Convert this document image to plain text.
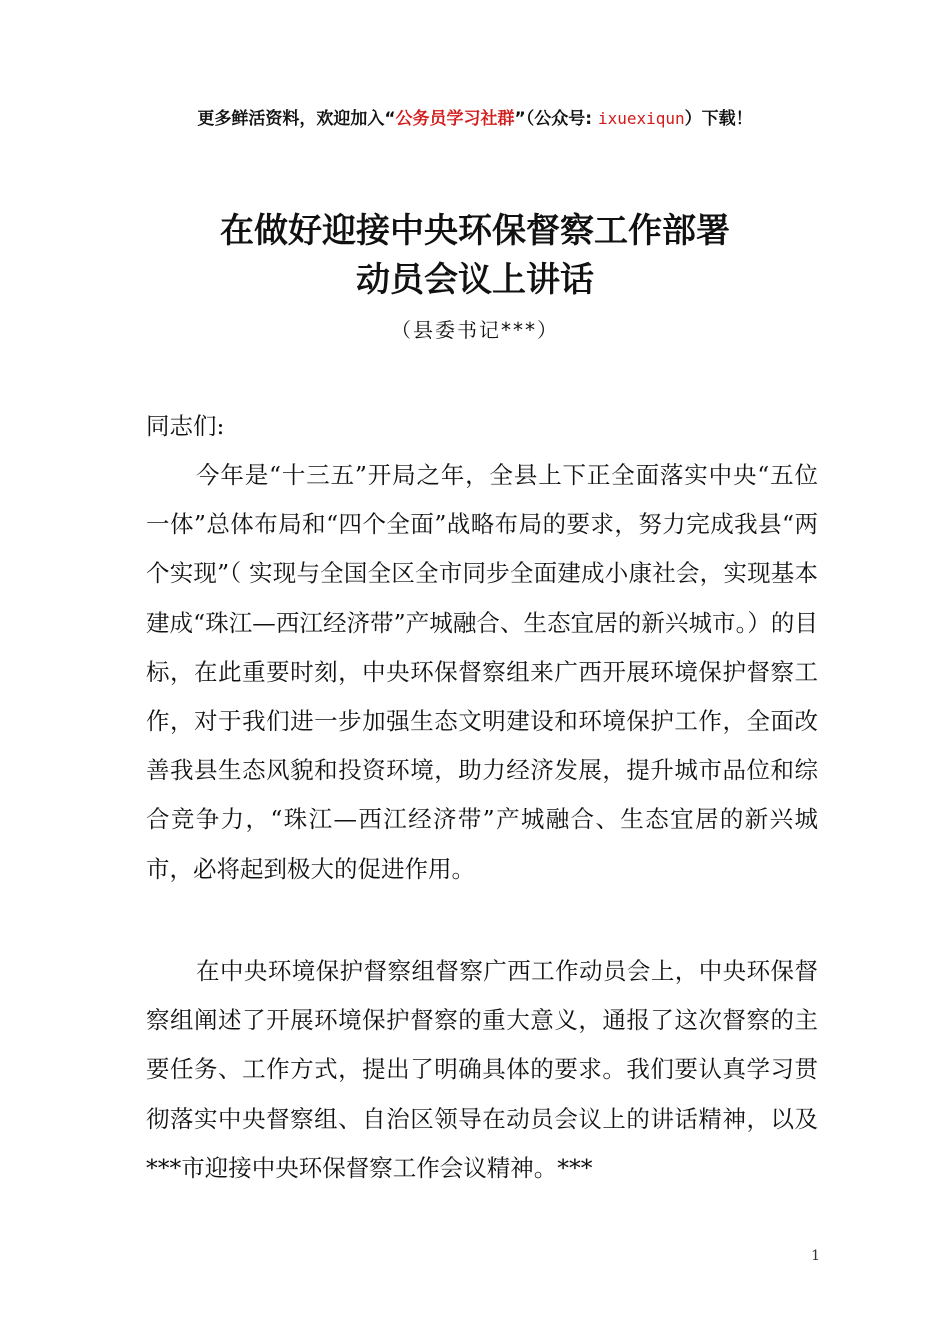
更多鲜活资料，欢迎加入“公务员学习社群”（公众号: ixuexiqun）下载！
在做好迎接中央环保督察工作部署
动员会议上讲话
（县委书记***）
同志们:
今年是“十三五”开局之年，全县上下正全面落实中央“五位一体”总体布局和“四个全面”战略布局的要求，努力完成我县“两个实现”（ 实现与全国全区全市同步全面建成小康社会，实现基本建成“珠江—西江经济带”产城融合、生态宜居的新兴城市。）的目标，在此重要时刻，中央环保督察组来广西开展环境保护督察工作，对于我们进一步加强生态文明建设和环境保护工作，全面改善我县生态风貌和投资环境，助力经济发展，提升城市品位和综合竞争力，“珠江—西江经济带”产城融合、生态宜居的新兴城市，必将起到极大的促进作用。
在中央环境保护督察组督察广西工作动员会上，中央环保督察组阐述了开展环境保护督察的重大意义，通报了这次督察的主要任务、工作方式，提出了明确具体的要求。我们要认真学习贯彻落实中央督察组、自治区领导在动员会议上的讲话精神，以及***市迎接中央环保督察工作会议精神。***
1
